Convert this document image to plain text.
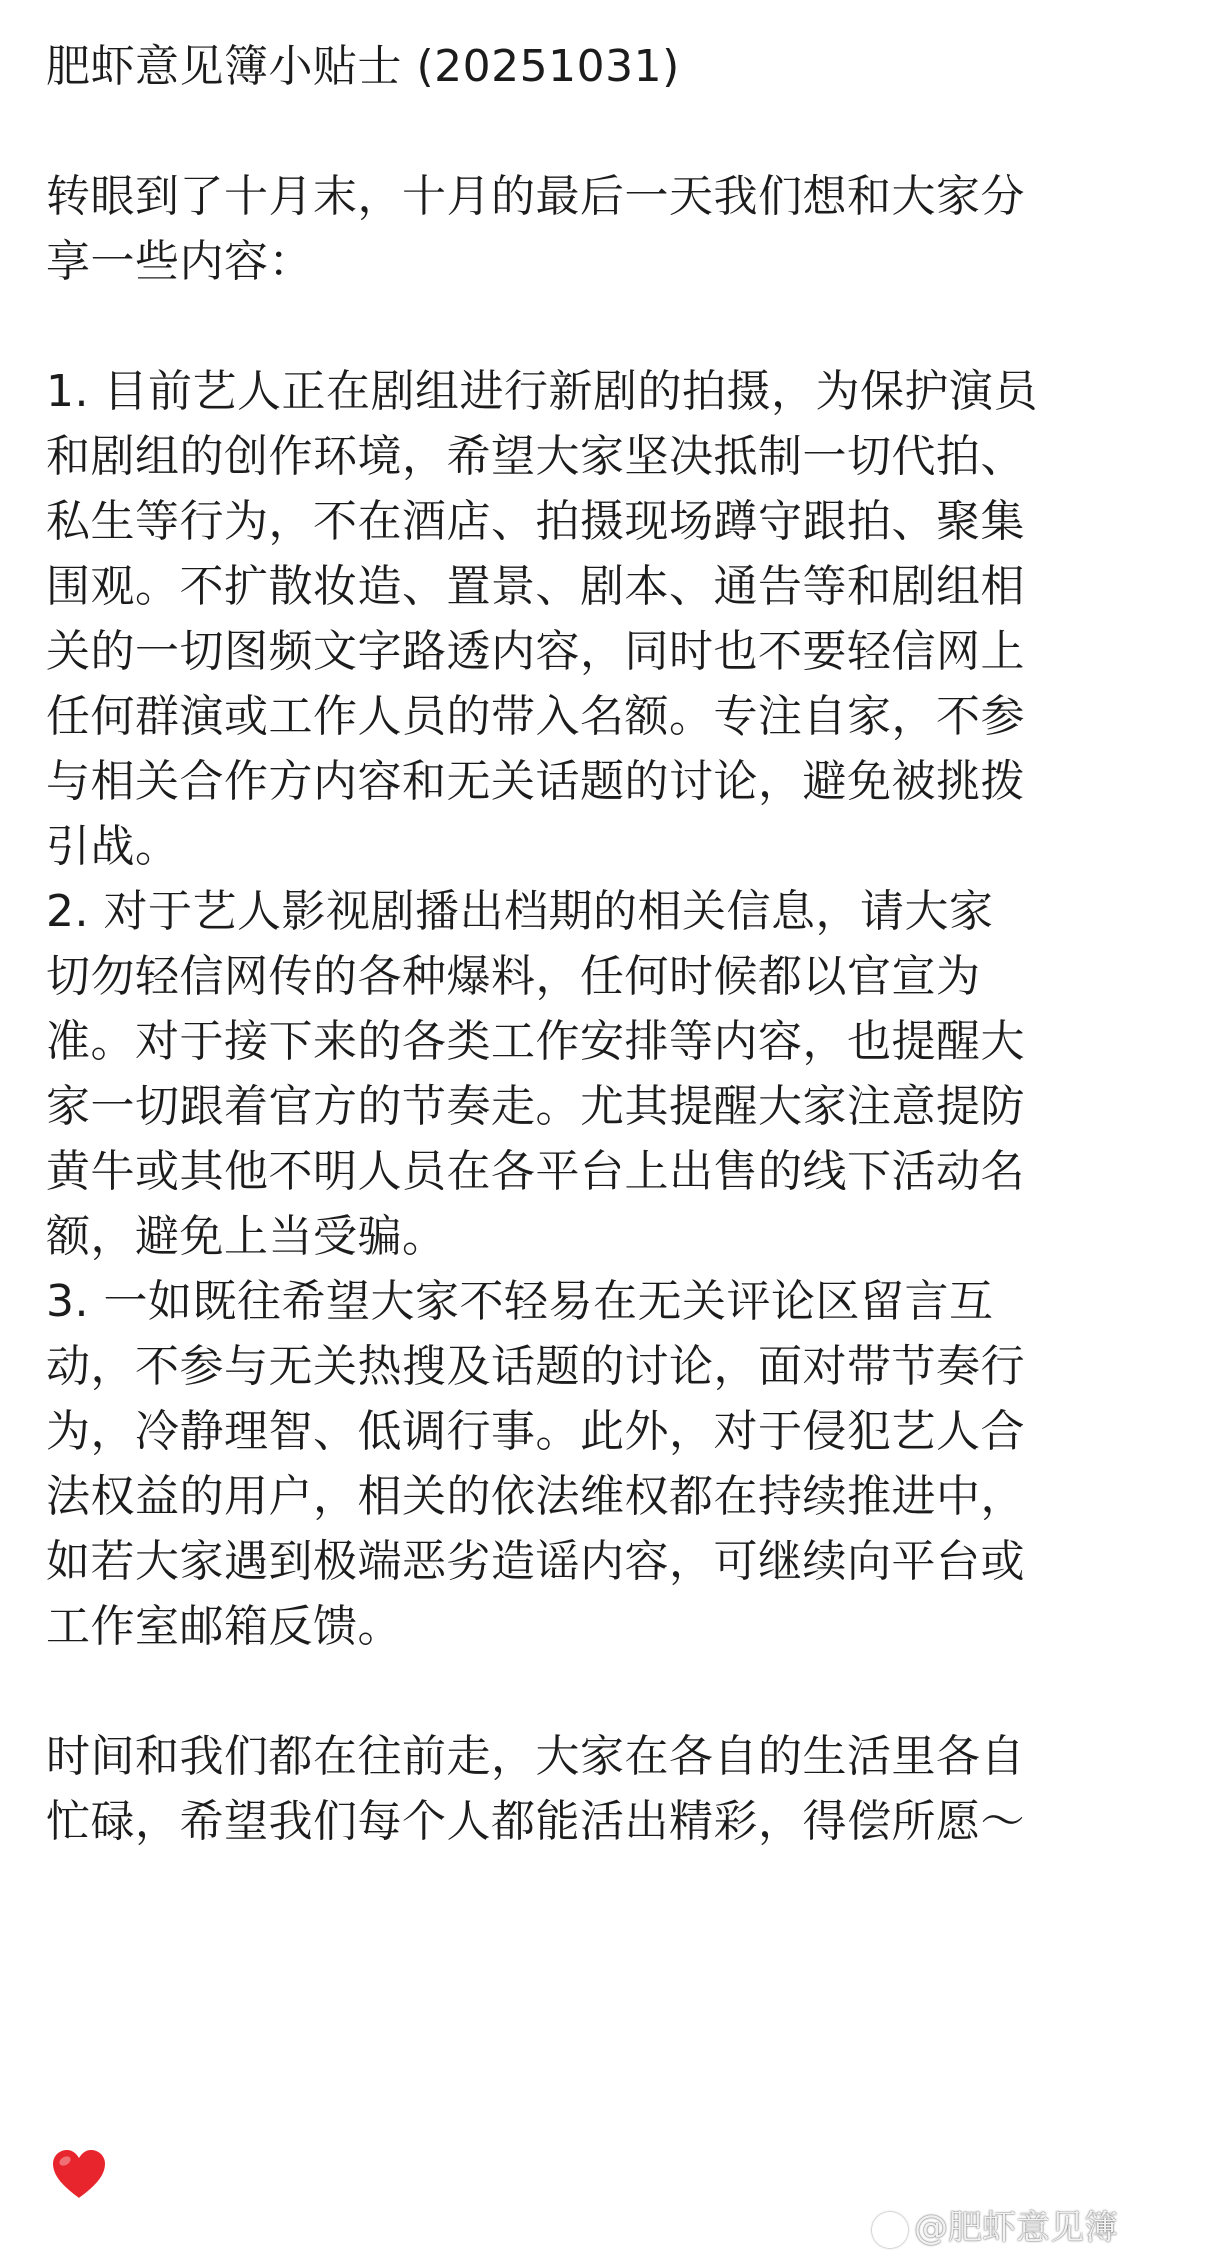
肥虾意见簿小贴士 (20251031)
转眼到了十月末，十月的最后一天我们想和大家分
享一些内容：
1. 目前艺人正在剧组进行新剧的拍摄，为保护演员
和剧组的创作环境，希望大家坚决抵制一切代拍、
私生等行为，不在酒店、拍摄现场蹲守跟拍、聚集
围观。不扩散妆造、置景、剧本、通告等和剧组相
关的一切图频文字路透内容，同时也不要轻信网上
任何群演或工作人员的带入名额。专注自家，不参
与相关合作方内容和无关话题的讨论，避免被挑拨
引战。
2. 对于艺人影视剧播出档期的相关信息，请大家
切勿轻信网传的各种爆料，任何时候都以官宣为
准。对于接下来的各类工作安排等内容，也提醒大
家一切跟着官方的节奏走。尤其提醒大家注意提防
黄牛或其他不明人员在各平台上出售的线下活动名
额，避免上当受骗。
3. 一如既往希望大家不轻易在无关评论区留言互
动，不参与无关热搜及话题的讨论，面对带节奏行
为，冷静理智、低调行事。此外，对于侵犯艺人合
法权益的用户，相关的依法维权都在持续推进中，
如若大家遇到极端恶劣造谣内容，可继续向平台或
工作室邮箱反馈。
时间和我们都在往前走，大家在各自的生活里各自
忙碌，希望我们每个人都能活出精彩，得偿所愿～
@肥虾意见簿
